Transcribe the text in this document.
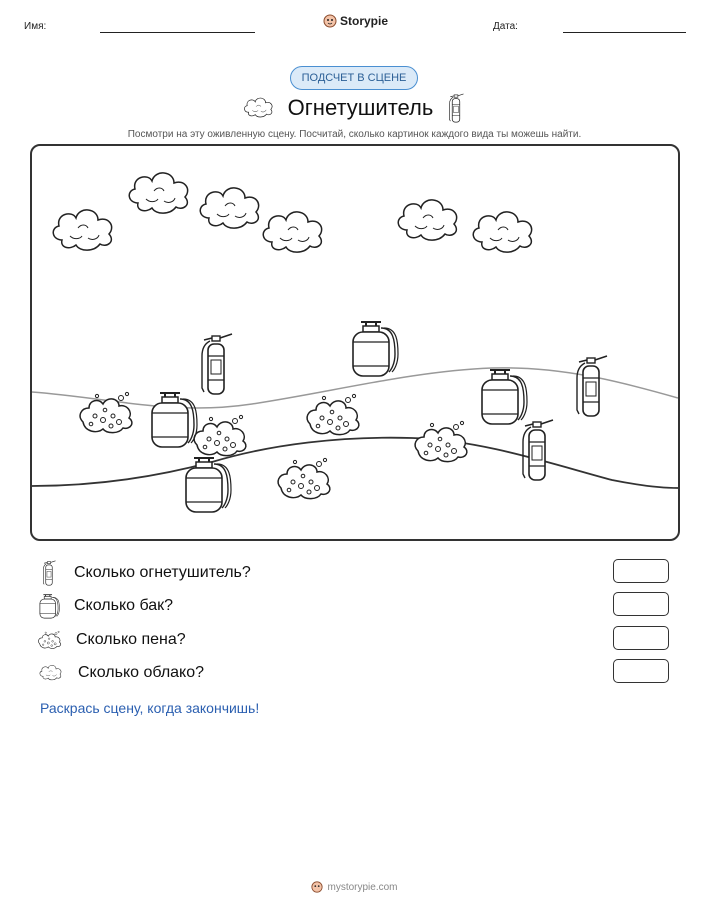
Имя:	Storypie	Дата:
ПОДСЧЕТ В СЦЕНЕ
Огнетушитель
Посмотри на эту оживленную сцену. Посчитай, сколько картинок каждого вида ты можешь найти.
Сколько огнетушитель?
Сколько бак?
Сколько пена?
Сколько облако?
Раскрась сцену, когда закончишь!
mystorypie.com
